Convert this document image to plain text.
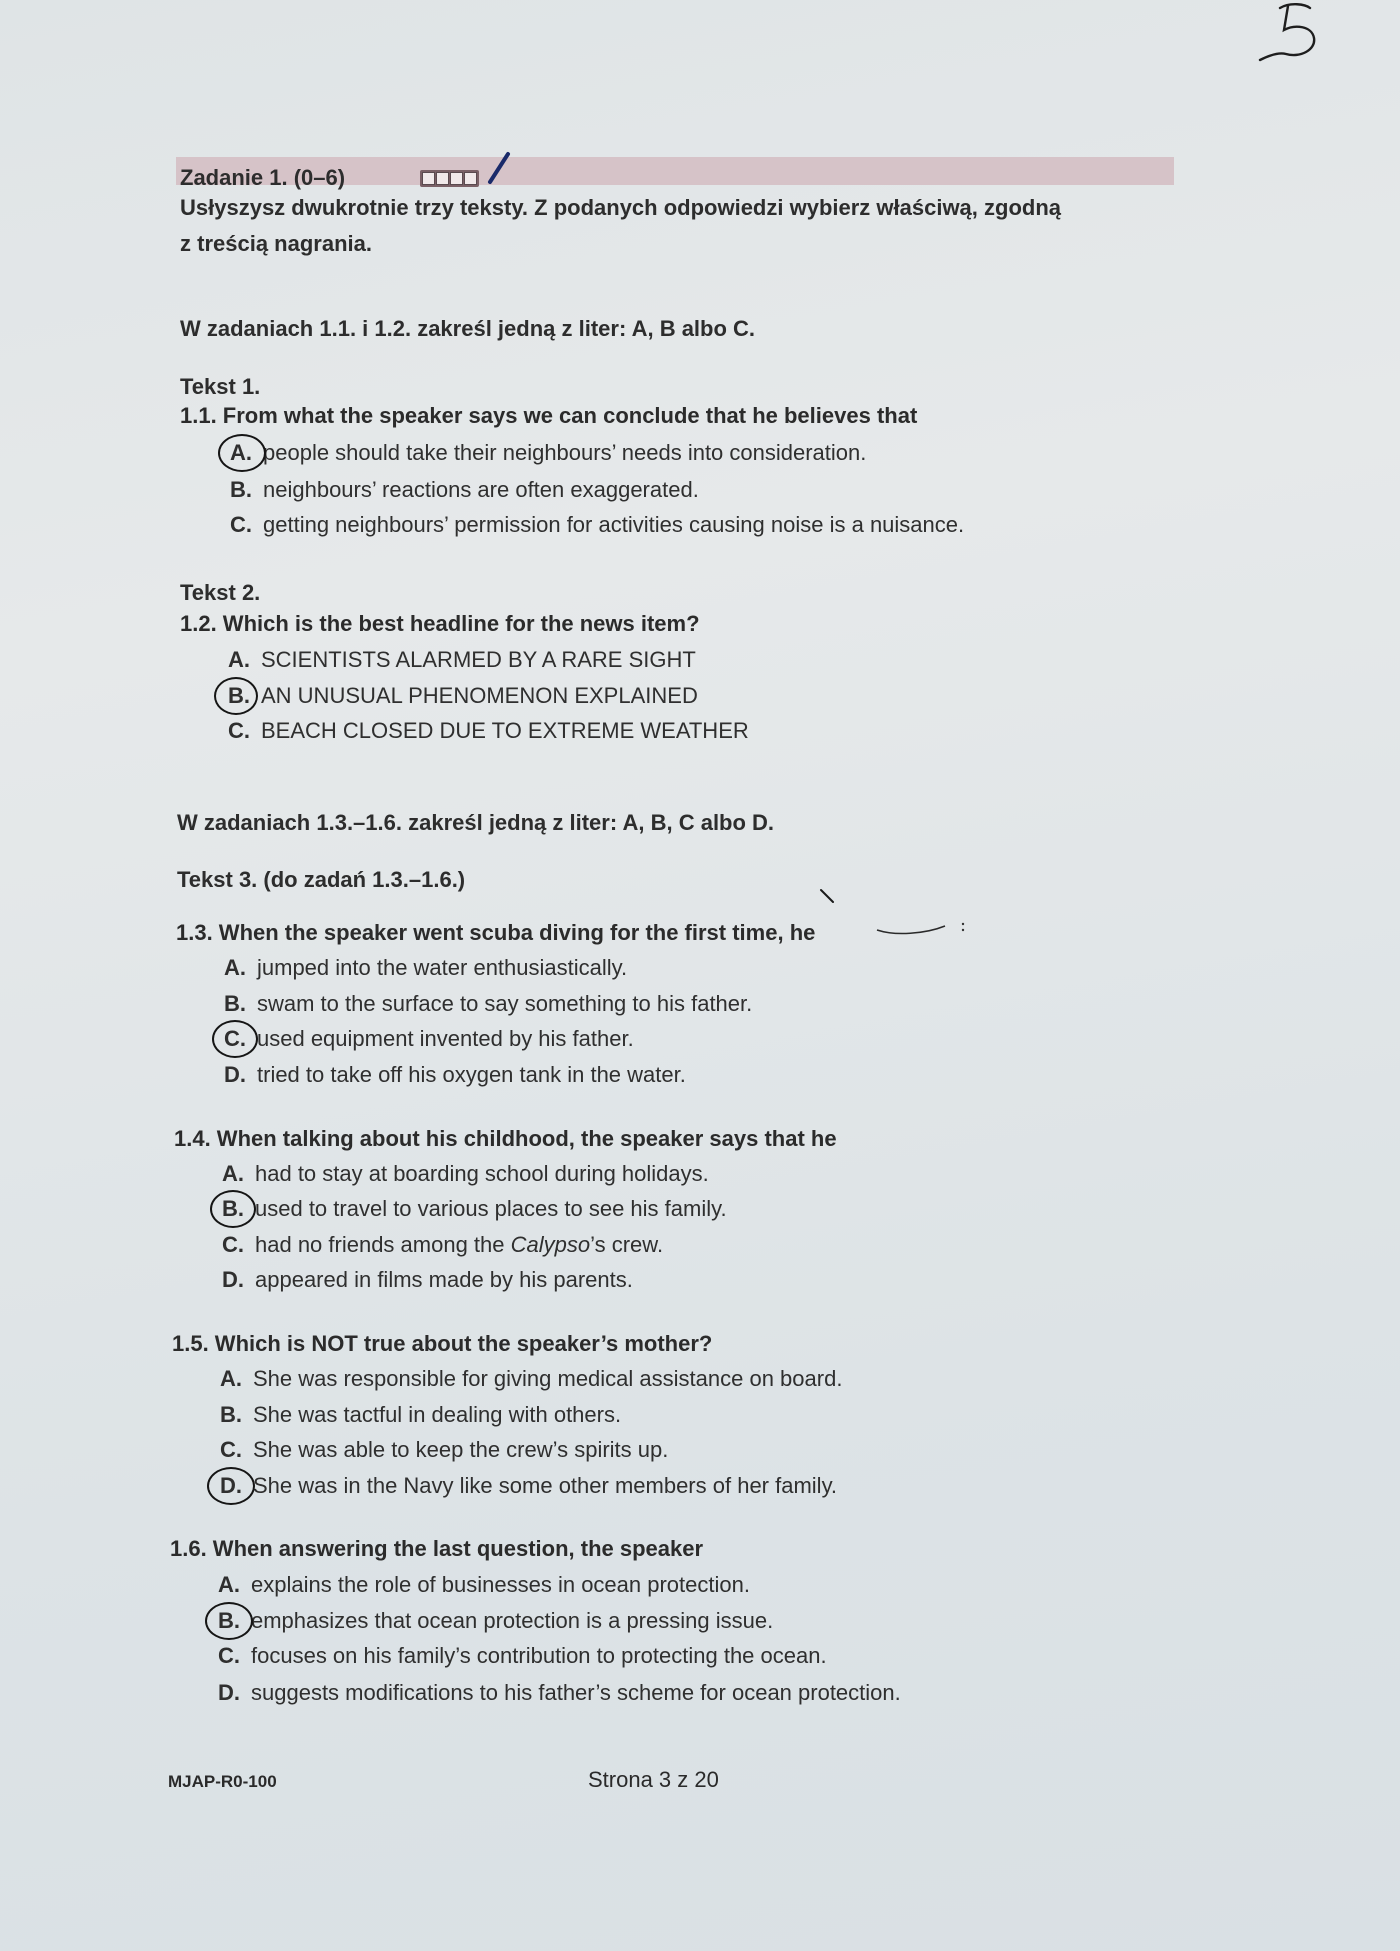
Zadanie 1. (0–6)
Usłyszysz dwukrotnie trzy teksty. Z podanych odpowiedzi wybierz właściwą, zgodną
z treścią nagrania.
W zadaniach 1.1. i 1.2. zakreśl jedną z liter: A, B albo C.
Tekst 1.
1.1. From what the speaker says we can conclude that he believes that
A. people should take their neighbours’ needs into consideration.
B. neighbours’ reactions are often exaggerated.
C. getting neighbours’ permission for activities causing noise is a nuisance.
Tekst 2.
1.2. Which is the best headline for the news item?
A. SCIENTISTS ALARMED BY A RARE SIGHT
B. AN UNUSUAL PHENOMENON EXPLAINED
C. BEACH CLOSED DUE TO EXTREME WEATHER
W zadaniach 1.3.–1.6. zakreśl jedną z liter: A, B, C albo D.
Tekst 3. (do zadań 1.3.–1.6.)
1.3. When the speaker went scuba diving for the first time, he
A. jumped into the water enthusiastically.
B. swam to the surface to say something to his father.
C. used equipment invented by his father.
D. tried to take off his oxygen tank in the water.
1.4. When talking about his childhood, the speaker says that he
A. had to stay at boarding school during holidays.
B. used to travel to various places to see his family.
C. had no friends among the Calypso’s crew.
D. appeared in films made by his parents.
1.5. Which is NOT true about the speaker’s mother?
A. She was responsible for giving medical assistance on board.
B. She was tactful in dealing with others.
C. She was able to keep the crew’s spirits up.
D. She was in the Navy like some other members of her family.
1.6. When answering the last question, the speaker
A. explains the role of businesses in ocean protection.
B. emphasizes that ocean protection is a pressing issue.
C. focuses on his family’s contribution to protecting the ocean.
D. suggests modifications to his father’s scheme for ocean protection.
MJAP-R0-100	Strona 3 z 20
